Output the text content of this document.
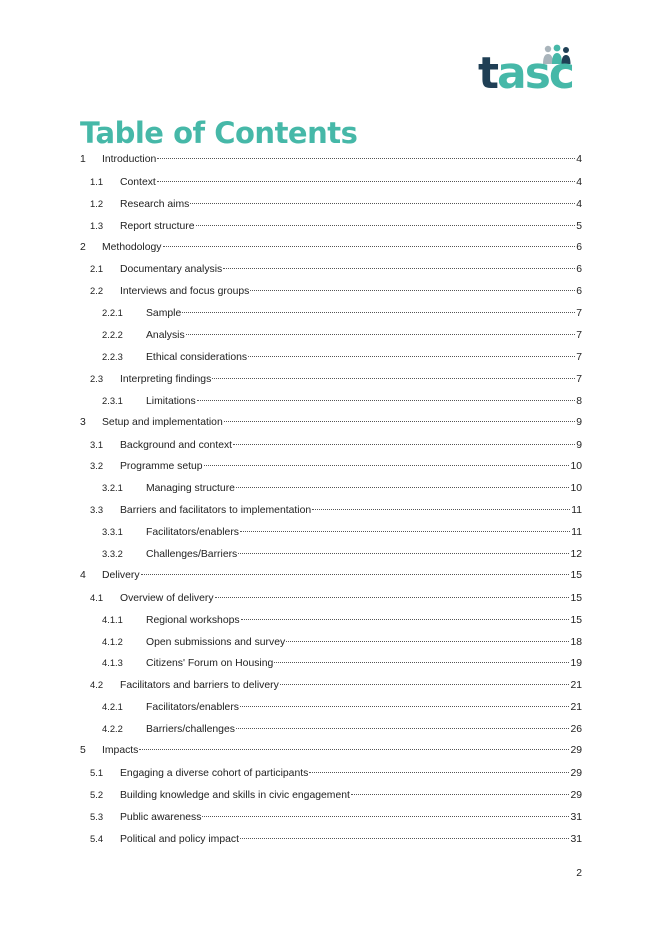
tasc
Table of Contents
1	Introduction	4
1.1	Context	4
1.2	Research aims	4
1.3	Report structure	5
2	Methodology	6
2.1	Documentary analysis	6
2.2	Interviews and focus groups	6
2.2.1	Sample	7
2.2.2	Analysis	7
2.2.3	Ethical considerations	7
2.3	Interpreting findings	7
2.3.1	Limitations	8
3	Setup and implementation	9
3.1	Background and context	9
3.2	Programme setup	10
3.2.1	Managing structure	10
3.3	Barriers and facilitators to implementation	11
3.3.1	Facilitators/enablers	11
3.3.2	Challenges/Barriers	12
4	Delivery	15
4.1	Overview of delivery	15
4.1.1	Regional workshops	15
4.1.2	Open submissions and survey	18
4.1.3	Citizens' Forum on Housing	19
4.2	Facilitators and barriers to delivery	21
4.2.1	Facilitators/enablers	21
4.2.2	Barriers/challenges	26
5	Impacts	29
5.1	Engaging a diverse cohort of participants	29
5.2	Building knowledge and skills in civic engagement	29
5.3	Public awareness	31
5.4	Political and policy impact	31
2
